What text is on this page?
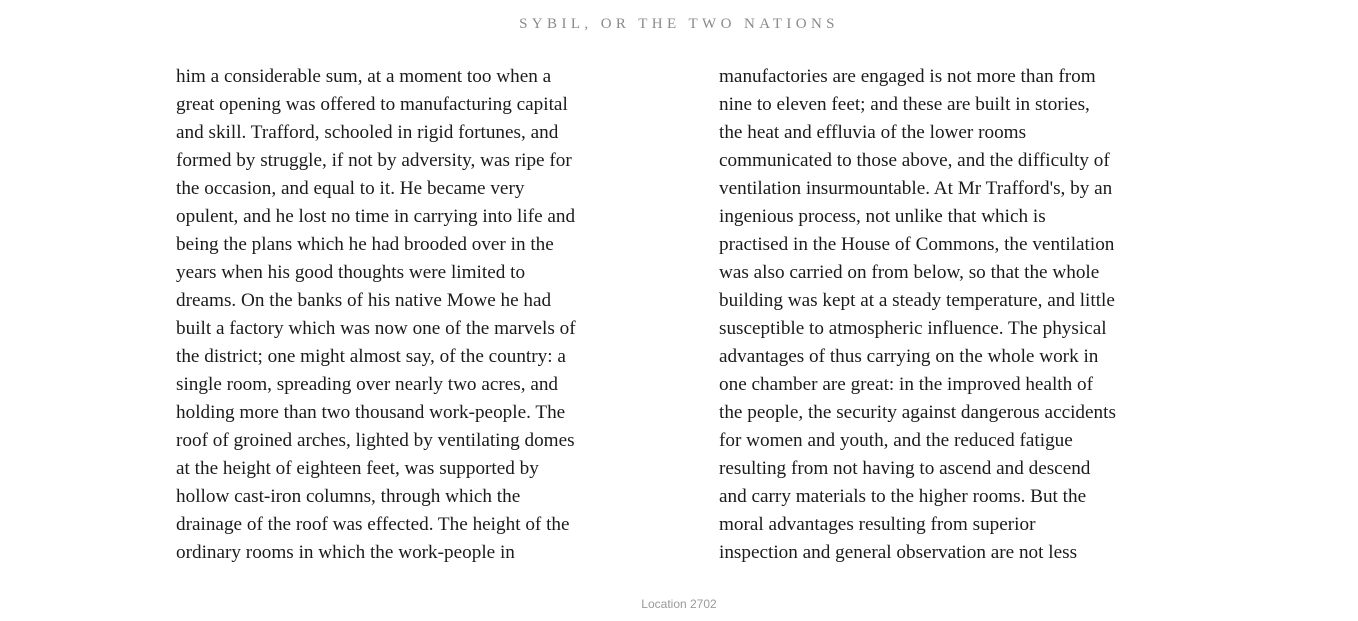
SYBIL, OR THE TWO NATIONS
him a considerable sum, at a moment too when a
great opening was offered to manufacturing capital
and skill. Trafford, schooled in rigid fortunes, and
formed by struggle, if not by adversity, was ripe for
the occasion, and equal to it. He became very
opulent, and he lost no time in carrying into life and
being the plans which he had brooded over in the
years when his good thoughts were limited to
dreams. On the banks of his native Mowe he had
built a factory which was now one of the marvels of
the district; one might almost say, of the country: a
single room, spreading over nearly two acres, and
holding more than two thousand work-people. The
roof of groined arches, lighted by ventilating domes
at the height of eighteen feet, was supported by
hollow cast-iron columns, through which the
drainage of the roof was effected. The height of the
ordinary rooms in which the work-people in
manufactories are engaged is not more than from
nine to eleven feet; and these are built in stories,
the heat and effluvia of the lower rooms
communicated to those above, and the difficulty of
ventilation insurmountable. At Mr Trafford's, by an
ingenious process, not unlike that which is
practised in the House of Commons, the ventilation
was also carried on from below, so that the whole
building was kept at a steady temperature, and little
susceptible to atmospheric influence. The physical
advantages of thus carrying on the whole work in
one chamber are great: in the improved health of
the people, the security against dangerous accidents
for women and youth, and the reduced fatigue
resulting from not having to ascend and descend
and carry materials to the higher rooms. But the
moral advantages resulting from superior
inspection and general observation are not less
Location 2702
